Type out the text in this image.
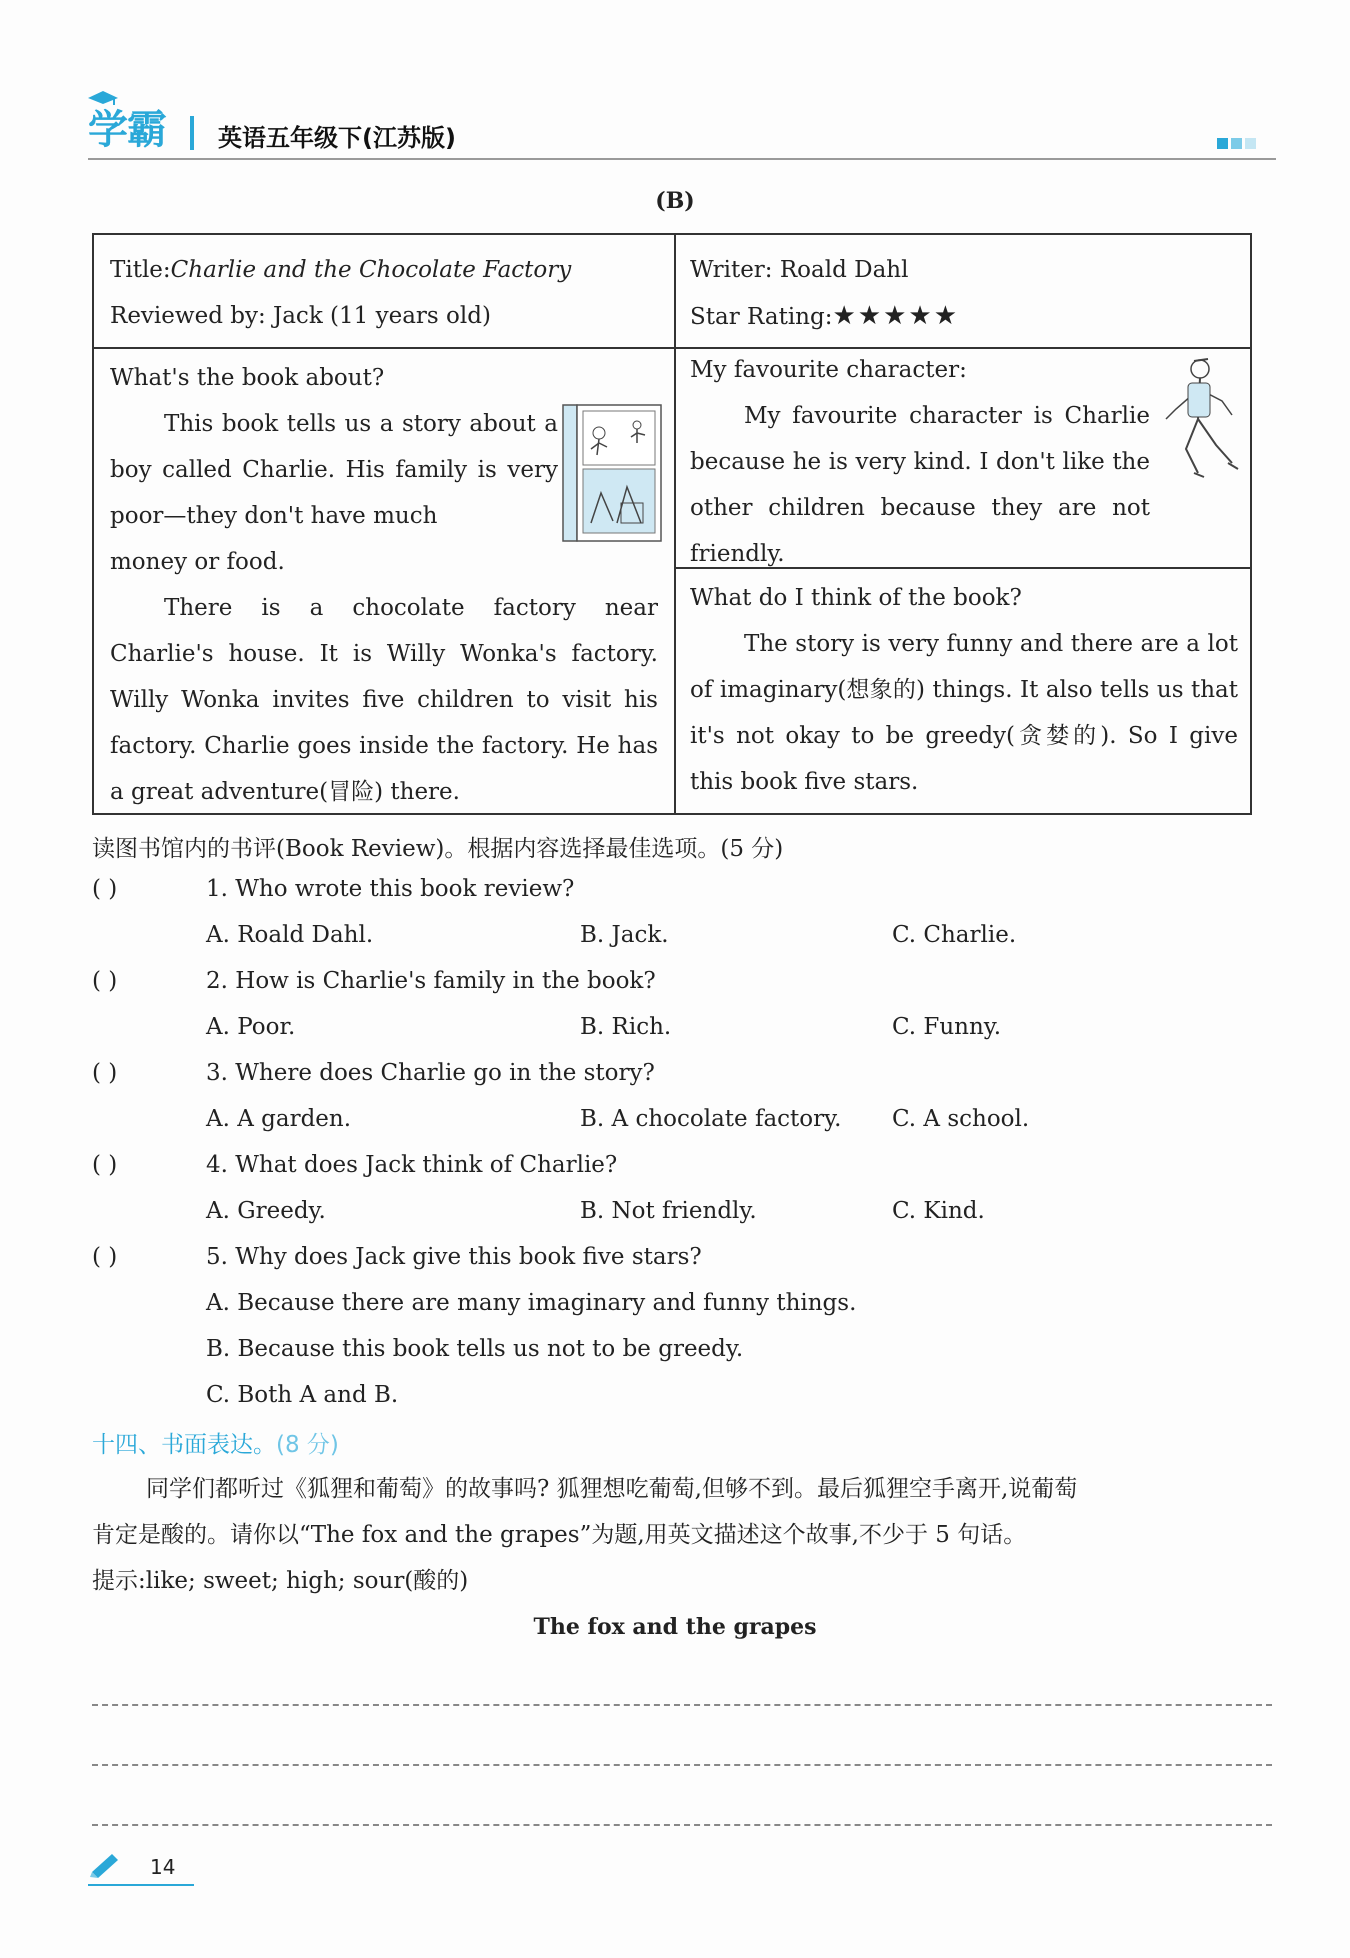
学霸 英语五年级下(江苏版)
(B)
Title:Charlie and the Chocolate Factory
Reviewed by: Jack (11 years old)
Writer: Roald Dahl
Star Rating:★★★★★
What's the book about?
This book tells us a story about a boy called Charlie. His family is very poor—they don't have much
money or food.
There is a chocolate factory near Charlie's house. It is Willy Wonka's factory. Willy Wonka invites five children to visit his factory. Charlie goes inside the factory. He has a great adventure(冒险) there.
My favourite character:
My favourite character is Charlie because he is very kind. I don't like the other children because they are not friendly.
What do I think of the book?
The story is very funny and there are a lot of imaginary(想象的) things. It also tells us that it's not okay to be greedy(贪婪的). So I give this book five stars.
读图书馆内的书评(Book Review)。根据内容选择最佳选项。(5 分)
( )	1. Who wrote this book review?
A. Roald Dahl.	B. Jack.	C. Charlie.
( )	2. How is Charlie's family in the book?
A. Poor.	B. Rich.	C. Funny.
( )	3. Where does Charlie go in the story?
A. A garden.	B. A chocolate factory. C. A school.
( )	4. What does Jack think of Charlie?
A. Greedy.	B. Not friendly.	C. Kind.
( )	5. Why does Jack give this book five stars?
A. Because there are many imaginary and funny things.
B. Because this book tells us not to be greedy.
C. Both A and B.
十四、书面表达。(8 分)
同学们都听过《狐狸和葡萄》的故事吗? 狐狸想吃葡萄,但够不到。最后狐狸空手离开,说葡萄
肯定是酸的。请你以“The fox and the grapes”为题,用英文描述这个故事,不少于 5 句话。
提示:like; sweet; high; sour(酸的)
The fox and the grapes
14
